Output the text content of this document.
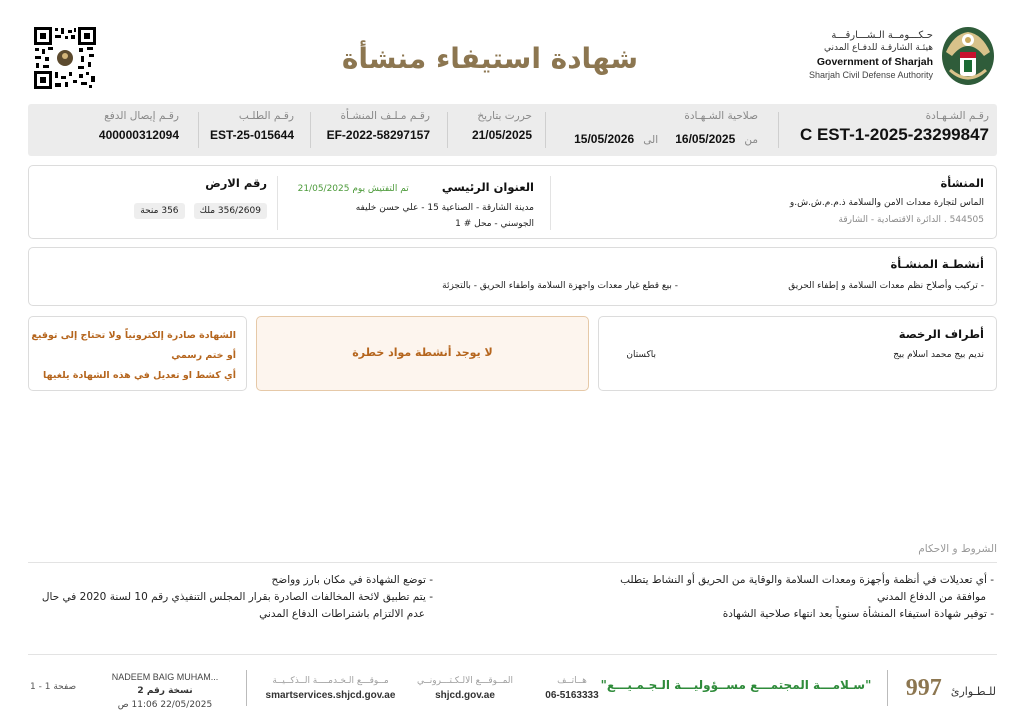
شهادة استيفاء منشأة
حـكـــومــة الـشـــارقـــة
هيئـة الشارقـة للدفـاع المدني
Government of Sharjah
Sharjah Civil Defense Authority
رقـم الشـهـادة
C EST-1-2025-23299847
صلاحية الشـهـادة
من 16/05/2025 الى 15/05/2026
حررت بتاريخ
21/05/2025
رقـم مـلـف المنشـأة
EF-2022-58297157
رقـم الطلـب
EST-25-015644
رقـم إيصال الدفع
400000312094
المنشأة
الماس لتجارة معدات الامن والسلامة ذ.م.م.ش.ش.و
544505 . الدائرة الاقتصادية - الشارقة
العنوان الرئيسي تم التفتيش يوم 21/05/2025
مدينة الشارقة - الصناعية 15 - علي حسن خليفه
الجوسني - محل # 1
رقم الارض
356/2609 ملك 356 منحة
أنشطـة المنشـأة
- تركيب وأصلاح نظم معدات السلامة و إطفاء الحريق
- بيع قطع غيار معدات واجهزة السلامة واطفاء الحريق - بالتجزئة
أطراف الرخصة
نديم بيج محمد اسلام بيج
باكستان
لا يوجد أنشطة مواد خطرة
الشهادة صادرة إلكترونياً ولا تحتاج إلى توقيع
أو ختم رسمي
أي كشط او تعديل في هذه الشهادة يلغيها
الشروط و الاحكام
- أي تعديلات في أنظمة وأجهزة ومعدات السلامة والوقاية من الحريق أو النشاط يتطلب
موافقة من الدفاع المدني
- توفير شهادة استيفاء المنشأة سنوياً بعد انتهاء صلاحية الشهادة
- توضع الشهادة في مكان بارز وواضح
- يتم تطبيق لائحة المخالفات الصادرة بقرار المجلس التنفيذي رقم 10 لسنة 2020 في حال
عدم الالتزام باشتراطات الدفاع المدني
للـطـوارئ 997
"سـلامـــة المجتمـــع مســؤوليـــة الـجـمـيـــع"
هــاتــف
06-5163333
المــوقـــع الالـكـتـــرونــي
shjcd.gov.ae
مــوقـــع الـخـدمــــة الــذكــيــة
smartservices.shjcd.gov.ae
NADEEM BAIG MUHAM...
نسخة رقم 2
22/05/2025 11:06 ص
صفحة 1 - 1
